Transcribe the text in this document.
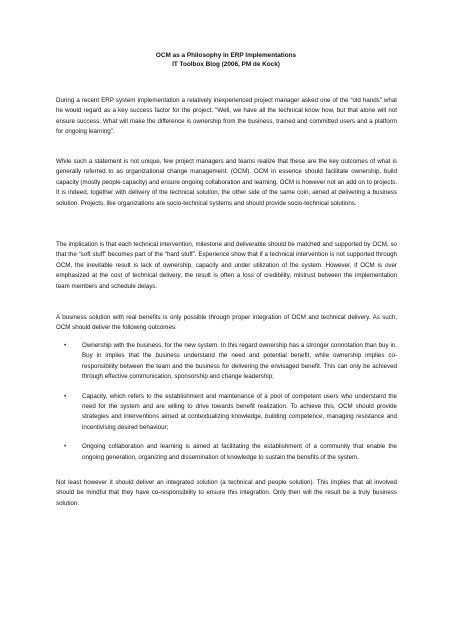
OCM as a Philosophy in ERP Implementations
IT Toolbox Blog (2006, PM de Kock)

During a recent ERP system implementation a relatively inexperienced project manager asked one of the “old hands” what he would regard as a key success factor for the project. “Well, we have all the technical know how, but that alone will not ensure success. What will make the difference is ownership from the business, trained and committed users and a platform for ongoing learning”.

While such a statement is not unique, few project managers and teams realize that these are the key outcomes of what is generally referred to as organizational change management. (OCM). OCM in essence should facilitate ownership, build capacity (mostly people capacity) and ensure ongoing collaboration and learning. OCM is however not an add on to projects. It is indeed, together with delivery of the technical solution, the other side of the same coin, aimed at delivering a business solution. Projects, like organizations are socio-technical systems and should provide socio-technical solutions.

The implication is that each technical intervention, milestone and deliverable should be matched and supported by OCM, so that the “soft stuff” becomes part of the “hard stuff”. Experience show that if a technical intervention is not supported through OCM, the inevitable result is lack of ownership, capacity and under utilization of the system. However, if OCM is over emphasized at the cost of technical delivery, the result is often a loss of credibility, mistrust between the implementation team members and schedule delays.

A business solution with real benefits is only possible through proper integration of OCM and technical delivery. As such, OCM should deliver the following outcomes:

•	Ownership with the business, for the new system. In this regard ownership has a stronger connotation than buy in. Buy in implies that the business understand the need and potential benefit, while ownership implies co-responsibility between the team and the business for delivering the envisaged benefit. This can only be achieved through effective communication, sponsorship and change leadership;
•	Capacity, which refers to the establishment and maintenance of a pool of competent users who understand the need for the system and are willing to drive towards benefit realization. To achieve this, OCM should provide strategies and interventions aimed at contextualizing knowledge, building competence, managing resistance and incentivising desired behaviour;
•	Ongoing collaboration and learning is aimed at facilitating the establishment of a community that enable the ongoing generation, organizing and dissemination of knowledge to sustain the benefits of the system.

Not least however it should deliver an integrated solution (a technical and people solution). This implies that all involved should be mindful that they have co-responsibility to ensure this integration. Only then will the result be a truly business solution.
